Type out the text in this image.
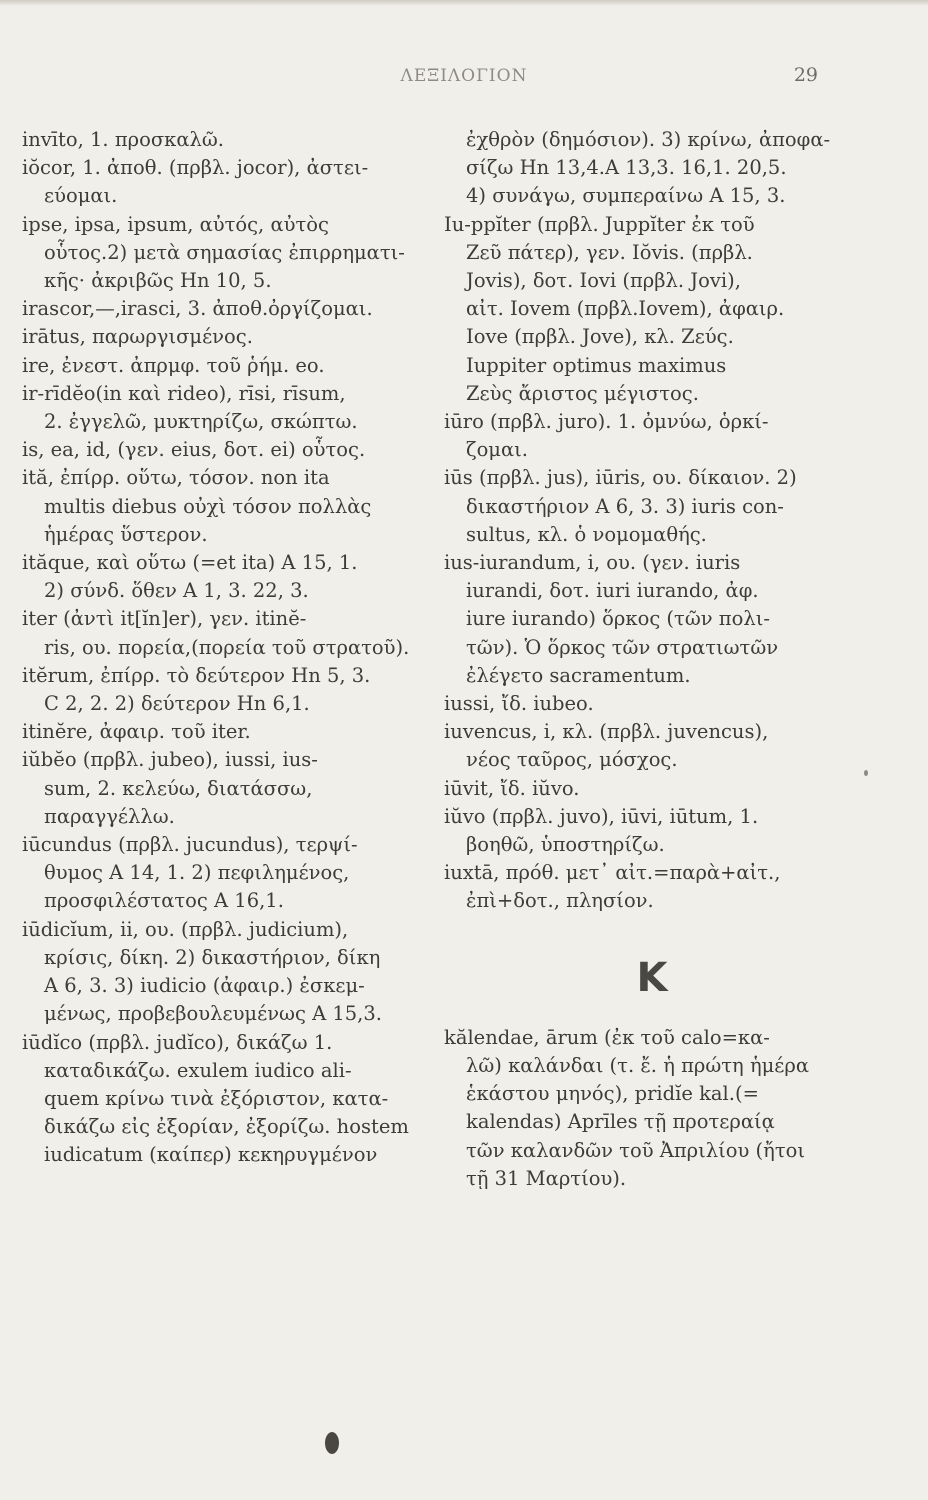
ΛΕΞΙΛΟΓΙΟΝ	29

invīto, 1. προσκαλῶ.

iŏcor, 1. ἀποθ. (πρβλ. jocor), ἀστει-

εύομαι.

ipse, ipsa, ipsum, αὐτός, αὐτὸς

οὗτος.2) μετὰ σημασίας ἐπιρρηματι-

κῆς· ἀκριβῶς Hn 10, 5.

irascor,—,irasci, 3. ἀποθ.ὀργίζομαι.

irātus, παρωργισμένος.

ire, ἐνεστ. ἀπρμφ. τοῦ ῥήμ. eo.

ir-rīdĕo(in καὶ rideo), rīsi, rīsum,

2. ἐγγελῶ, μυκτηρίζω, σκώπτω.

is, ea, id, (γεν. eius, δοτ. ei) οὗτος.

ită, ἐπίρρ. οὕτω, τόσον. non ita

multis diebus οὐχὶ τόσον πολλὰς

ἡμέρας ὕστερον.

ităque, καὶ οὕτω (=et ita) A 15, 1.

2) σύνδ. ὅθεν A 1, 3. 22, 3.

iter (ἀντὶ it[ĭn]er), γεν. itinĕ-

ris, ου. πορεία,(πορεία τοῦ στρατοῦ).

itĕrum, ἐπίρρ. τὸ δεύτερον Hn 5, 3.

C 2, 2. 2) δεύτερον Hn 6,1.

itinĕre, ἀφαιρ. τοῦ iter.

iŭbĕo (πρβλ. jubeo), iussi, ius-

sum, 2. κελεύω, διατάσσω,

παραγγέλλω.

iūcundus (πρβλ. jucundus), τερψί-

θυμος A 14, 1. 2) πεφιλημένος,

προσφιλέστατος A 16,1.

iūdicĭum, ii, ου. (πρβλ. judicium),

κρίσις, δίκη. 2) δικαστήριον, δίκη

A 6, 3. 3) iudicio (ἀφαιρ.) ἐσκεμ-

μένως, προβεβουλευμένως A 15,3.

iūdĭco (πρβλ. judĭco), δικάζω 1.

καταδικάζω. exulem iudico ali-

quem κρίνω τινὰ ἐξόριστον, κατα-

δικάζω εἰς ἐξορίαν, ἐξορίζω. hostem

iudicatum (καίπερ) κεκηρυγμένον

ἐχθρὸν (δημόσιον). 3) κρίνω, ἀποφα-

σίζω Hn 13,4.A 13,3. 16,1. 20,5.

4) συνάγω, συμπεραίνω A 15, 3.

Iu-ppĭter (πρβλ. Juppĭter ἐκ τοῦ

Ζεῦ πάτερ), γεν. Iŏvis. (πρβλ.

Jovis), δοτ. Iovi (πρβλ. Jovi),

αἰτ. Iovem (πρβλ.Iovem), ἀφαιρ.

Iove (πρβλ. Jove), κλ. Ζεύς.

Iuppiter optimus maximus

Ζεὺς ἄριστος μέγιστος.

iūro (πρβλ. juro). 1. ὀμνύω, ὁρκί-

ζομαι.

iūs (πρβλ. jus), iūris, ου. δίκαιον. 2)

δικαστήριον A 6, 3. 3) iuris con-

sultus, κλ. ὁ νομομαθής.

ius-iurandum, i, ου. (γεν. iuris

iurandi, δοτ. iuri iurando, ἀφ.

iure iurando) ὅρκος (τῶν πολι-

τῶν). Ὁ ὅρκος τῶν στρατιωτῶν

ἐλέγετο sacramentum.

iussi, ἴδ. iubeo.

iuvencus, i, κλ. (πρβλ. juvencus),

νέος ταῦρος, μόσχος.

iūvit, ἴδ. iŭvo.

iŭvo (πρβλ. juvo), iūvi, iūtum, 1.

βοηθῶ, ὑποστηρίζω.

iuxtā, πρόθ. μετ᾽ αἰτ.=παρὰ+αἰτ.,

ἐπὶ+δοτ., πλησίον.

K

kălendae, ārum (ἐκ τοῦ calo=κα-

λῶ) καλάνδαι (τ. ἔ. ἡ πρώτη ἡμέρα

ἑκάστου μηνός), pridĭe kal.(=

kalendas) Aprīles τῇ προτεραίᾳ

τῶν καλανδῶν τοῦ Ἀπριλίου (ἤτοι

τῇ 31 Μαρτίου).
